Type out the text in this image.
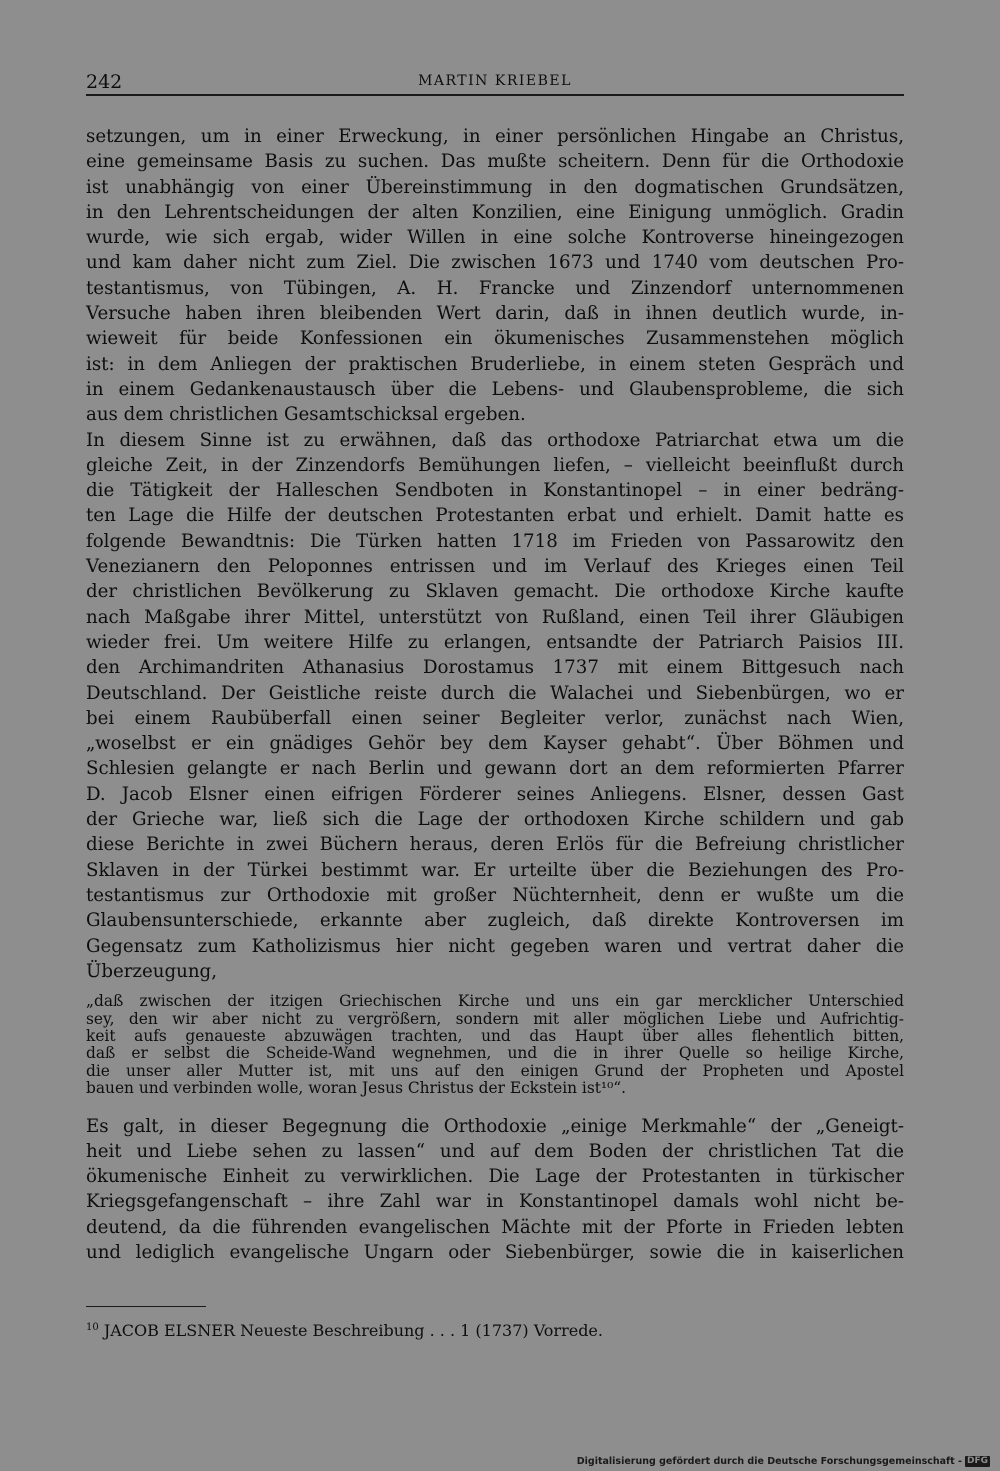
242	MARTIN KRIEBEL
setzungen, um in einer Erweckung, in einer persönlichen Hingabe an Christus,
eine gemeinsame Basis zu suchen. Das mußte scheitern. Denn für die Orthodoxie
ist unabhängig von einer Übereinstimmung in den dogmatischen Grundsätzen,
in den Lehrentscheidungen der alten Konzilien, eine Einigung unmöglich. Gradin
wurde, wie sich ergab, wider Willen in eine solche Kontroverse hineingezogen
und kam daher nicht zum Ziel. Die zwischen 1673 und 1740 vom deutschen Pro-
testantismus, von Tübingen, A. H. Francke und Zinzendorf unternommenen
Versuche haben ihren bleibenden Wert darin, daß in ihnen deutlich wurde, in-
wieweit für beide Konfessionen ein ökumenisches Zusammenstehen möglich
ist: in dem Anliegen der praktischen Bruderliebe, in einem steten Gespräch und
in einem Gedankenaustausch über die Lebens- und Glaubensprobleme, die sich
aus dem christlichen Gesamtschicksal ergeben.
In diesem Sinne ist zu erwähnen, daß das orthodoxe Patriarchat etwa um die
gleiche Zeit, in der Zinzendorfs Bemühungen liefen, – vielleicht beeinflußt durch
die Tätigkeit der Halleschen Sendboten in Konstantinopel – in einer bedräng-
ten Lage die Hilfe der deutschen Protestanten erbat und erhielt. Damit hatte es
folgende Bewandtnis: Die Türken hatten 1718 im Frieden von Passarowitz den
Venezianern den Peloponnes entrissen und im Verlauf des Krieges einen Teil
der christlichen Bevölkerung zu Sklaven gemacht. Die orthodoxe Kirche kaufte
nach Maßgabe ihrer Mittel, unterstützt von Rußland, einen Teil ihrer Gläubigen
wieder frei. Um weitere Hilfe zu erlangen, entsandte der Patriarch Paisios III.
den Archimandriten Athanasius Dorostamus 1737 mit einem Bittgesuch nach
Deutschland. Der Geistliche reiste durch die Walachei und Siebenbürgen, wo er
bei einem Raubüberfall einen seiner Begleiter verlor, zunächst nach Wien,
„woselbst er ein gnädiges Gehör bey dem Kayser gehabt“. Über Böhmen und
Schlesien gelangte er nach Berlin und gewann dort an dem reformierten Pfarrer
D. Jacob Elsner einen eifrigen Förderer seines Anliegens. Elsner, dessen Gast
der Grieche war, ließ sich die Lage der orthodoxen Kirche schildern und gab
diese Berichte in zwei Büchern heraus, deren Erlös für die Befreiung christlicher
Sklaven in der Türkei bestimmt war. Er urteilte über die Beziehungen des Pro-
testantismus zur Orthodoxie mit großer Nüchternheit, denn er wußte um die
Glaubensunterschiede, erkannte aber zugleich, daß direkte Kontroversen im
Gegensatz zum Katholizismus hier nicht gegeben waren und vertrat daher die
Überzeugung,
„daß zwischen der itzigen Griechischen Kirche und uns ein gar mercklicher Unterschied
sey, den wir aber nicht zu vergrößern, sondern mit aller möglichen Liebe und Aufrichtig-
keit aufs genaueste abzuwägen trachten, und das Haupt über alles flehentlich bitten,
daß er selbst die Scheide-Wand wegnehmen, und die in ihrer Quelle so heilige Kirche,
die unser aller Mutter ist, mit uns auf den einigen Grund der Propheten und Apostel
bauen und verbinden wolle, woran Jesus Christus der Eckstein ist¹⁰“.
Es galt, in dieser Begegnung die Orthodoxie „einige Merkmahle“ der „Geneigt-
heit und Liebe sehen zu lassen“ und auf dem Boden der christlichen Tat die
ökumenische Einheit zu verwirklichen. Die Lage der Protestanten in türkischer
Kriegsgefangenschaft – ihre Zahl war in Konstantinopel damals wohl nicht be-
deutend, da die führenden evangelischen Mächte mit der Pforte in Frieden lebten
und lediglich evangelische Ungarn oder Siebenbürger, sowie die in kaiserlichen
$^{10}$ JACOB ELSNER Neueste Beschreibung . . . 1 (1737) Vorrede.
Digitalisierung gefördert durch die Deutsche Forschungsgemeinschaft - DFG
